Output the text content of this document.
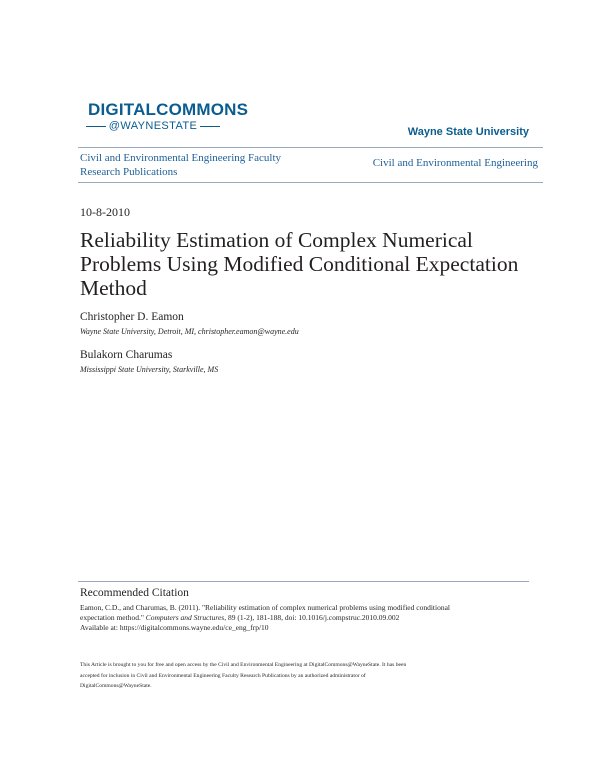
DIGITALCOMMONS
@WAYNESTATE	Wayne State University
Civil and Environmental Engineering Faculty Research Publications
Civil and Environmental Engineering
10-8-2010
Reliability Estimation of Complex Numerical Problems Using Modified Conditional Expectation Method
Christopher D. Eamon
Wayne State University, Detroit, MI, christopher.eamon@wayne.edu
Bulakorn Charumas
Mississippi State University, Starkville, MS
Recommended Citation
Eamon, C.D., and Charumas, B. (2011). "Reliability estimation of complex numerical problems using modified conditional
expectation method." Computers and Structures, 89 (1-2), 181-188, doi: 10.1016/j.compstruc.2010.09.002
Available at: https://digitalcommons.wayne.edu/ce_eng_frp/10
This Article is brought to you for free and open access by the Civil and Environmental Engineering at DigitalCommons@WayneState. It has been
accepted for inclusion in Civil and Environmental Engineering Faculty Research Publications by an authorized administrator of
DigitalCommons@WayneState.
